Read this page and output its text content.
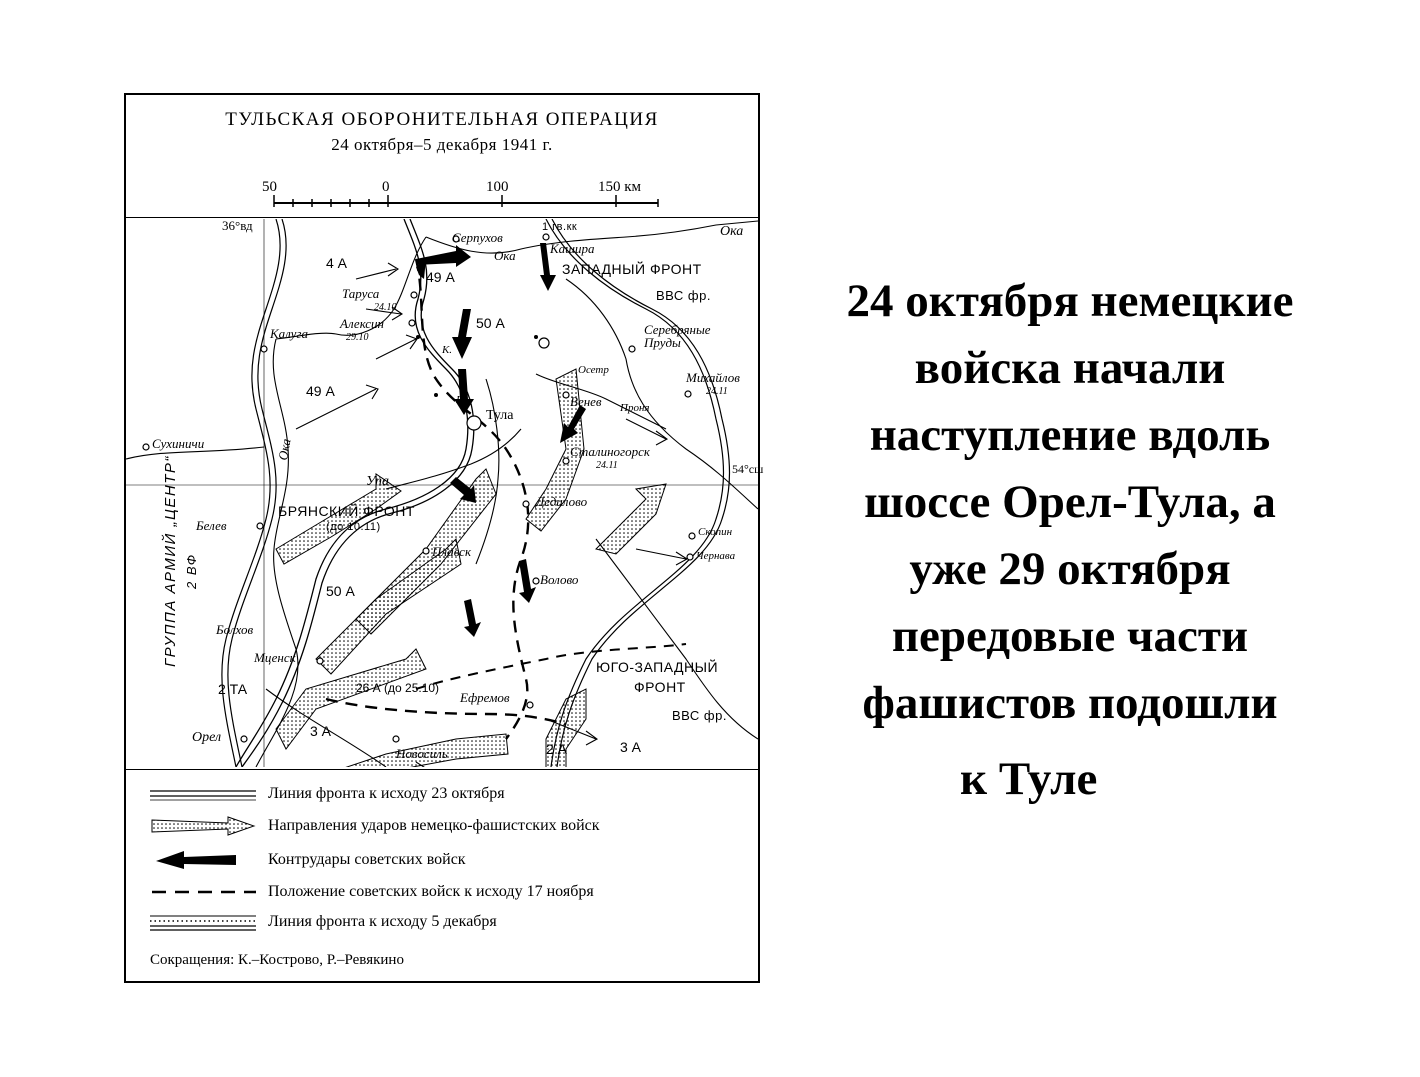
ТУЛЬСКАЯ ОБОРОНИТЕЛЬНАЯ ОПЕРАЦИЯ
24 октября–5 декабря 1941 г.
50	0	100	150 км
36°вд
54°сш
Серпухов
Кашира
Ока
Ока
Таруса
24.10
Алексин
29.10
Калуга	Серебряные Пруды
Михайлов
24.11
Венев
Тула
Сталиногорск
24.11
Сухиничи
Упа
Ока
Белев
Дедилово
Плавск
Волово
Болхов
Мценск
Ефремов
Орел
Новосиль
Скопин
Чернава
Осетр
Проня
К.
Р.
ЗАПАДНЫЙ ФРОНТ
ВВС фр.
1 гв.кк
БРЯНСКИЙ ФРОНТ
(до 10.11)
ЮГО-ЗАПАДНЫЙ
ФРОНТ
ВВС фр.
ГРУППА АРМИЙ „ЦЕНТР“ 2 ВФ
4 А
49 А
50 А
49 А
50 А
2 ТА	26 А (до 25.10)
3 А
2 А	3 А
Линия фронта к исходу 23 октября
Направления ударов немецко-фашистских войск
Контрудары советских войск
Положение советских войск к исходу 17 ноября
Линия фронта к исходу 5 декабря
Сокращения: К.–Кострово, Р.–Ревякино
24 октября немецкие
войска начали
наступление вдоль
шоссе Орел-Тула, а
уже 29 октября
передовые части
фашистов подошли
к Туле
